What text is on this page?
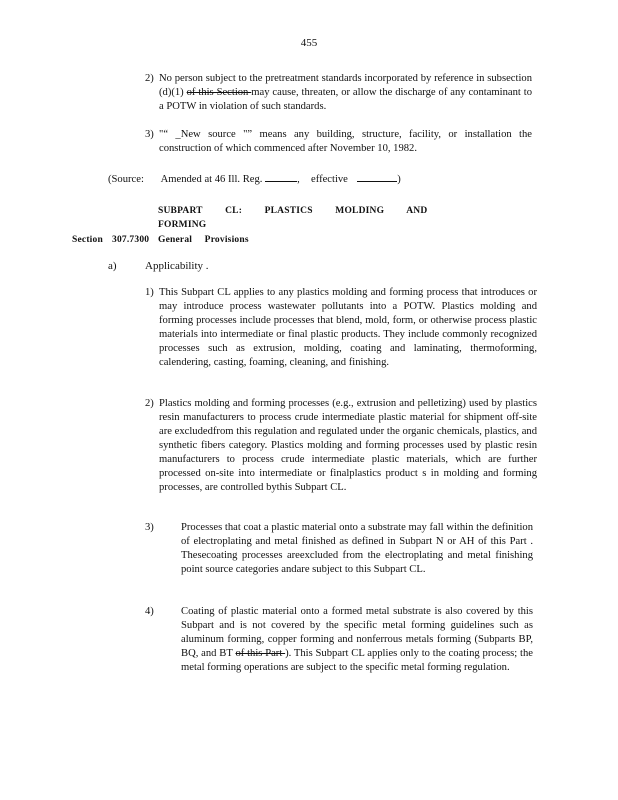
455
2) No person subject to the pretreatment standards incorporated by reference in subsection (d)(1) of this Section may cause, threaten, or allow the discharge of any contaminant to a POTW in violation of such standards.
3) "“ _New source "” means any building, structure, facility, or installation the construction of which commenced after November 10, 1982.
(Source: Amended at 46 Ill. Reg.	,  effective	)
SUBPART CL: PLASTICS MOLDING AND FORMING
Section 307.7300 General Provisions
a)	Applicability .
1) This Subpart CL applies to any plastics molding and forming process that introduces or may introduce process wastewater pollutants into a POTW. Plastics molding and forming processes include processes that blend, mold, form, or otherwise process plastic materials into intermediate or final plastic products. They include commonly recognized processes such as extrusion, molding, coating and laminating, thermoforming, calendering, casting, foaming, cleaning, and finishing.
2) Plastics molding and forming processes (e.g., extrusion and pelletizing) used by plastics resin manufacturers to process crude intermediate plastic material for shipment off-site are excludedfrom this regulation and regulated under the organic chemicals, plastics, and synthetic fibers category. Plastics molding and forming processes used by plastic resin manufacturers to process crude intermediate plastic materials, which are further processed on-site into intermediate or finalplastics product s in molding and forming processes, are controlled bythis Subpart CL.
3)	Processes that coat a plastic material onto a substrate may fall within the definition of electroplating and metal finished as defined in Subpart N or AH of this Part . Thesecoating processes areexcluded from the electroplating and metal finishing point source categories andare subject to this Subpart CL.
4)	Coating of plastic material onto a formed metal substrate is also covered by this Subpart and is not covered by the specific metal forming guidelines such as aluminum forming, copper forming and nonferrous metals forming (Subparts BP, BQ, and BT of this Part ). This Subpart CL applies only to the coating process; the metal forming operations are subject to the specific metal forming regulation.
